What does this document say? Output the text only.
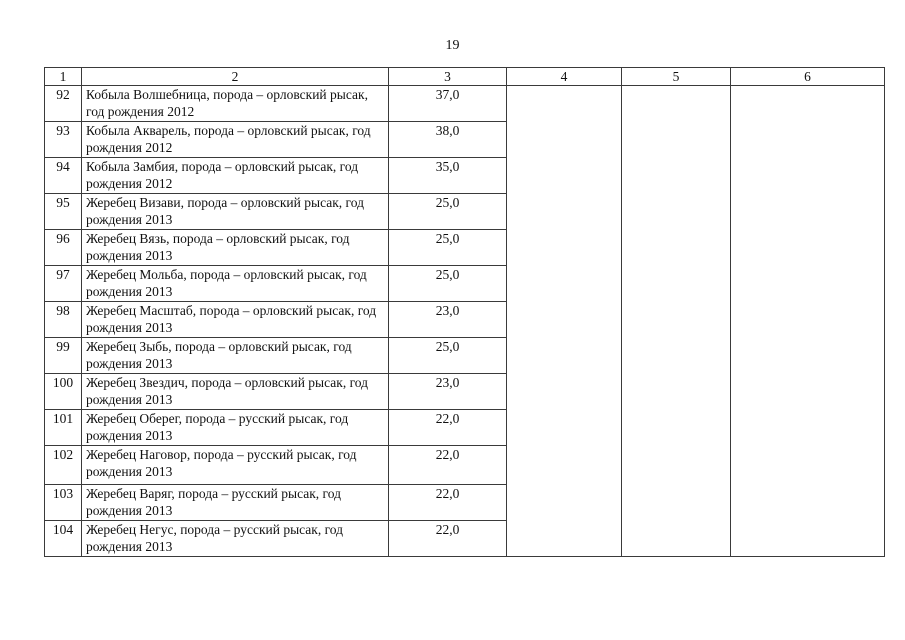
19
1	2	3	4	5	6
92	Кобыла Волшебница, порода – орловский рысак, год рождения 2012	37,0			
93	Кобыла Акварель, порода – орловский рысак, год рождения 2012	38,0			
94	Кобыла Замбия, порода – орловский рысак, год рождения 2012	35,0			
95	Жеребец Визави, порода – орловский рысак, год рождения 2013	25,0			
96	Жеребец Вязь, порода – орловский рысак, год рождения 2013	25,0			
97	Жеребец Мольба, порода – орловский рысак, год рождения 2013	25,0			
98	Жеребец Масштаб, порода – орловский рысак, год рождения 2013	23,0			
99	Жеребец Зыбь, порода – орловский рысак, год рождения 2013	25,0			
100	Жеребец Звездич, порода – орловский рысак, год рождения 2013	23,0			
101	Жеребец Оберег, порода – русский рысак, год рождения 2013	22,0			
102	Жеребец Наговор, порода – русский рысак, год рождения 2013	22,0			
103	Жеребец Варяг, порода – русский рысак, год рождения 2013	22,0			
104	Жеребец Негус, порода – русский рысак, год рождения 2013	22,0			
